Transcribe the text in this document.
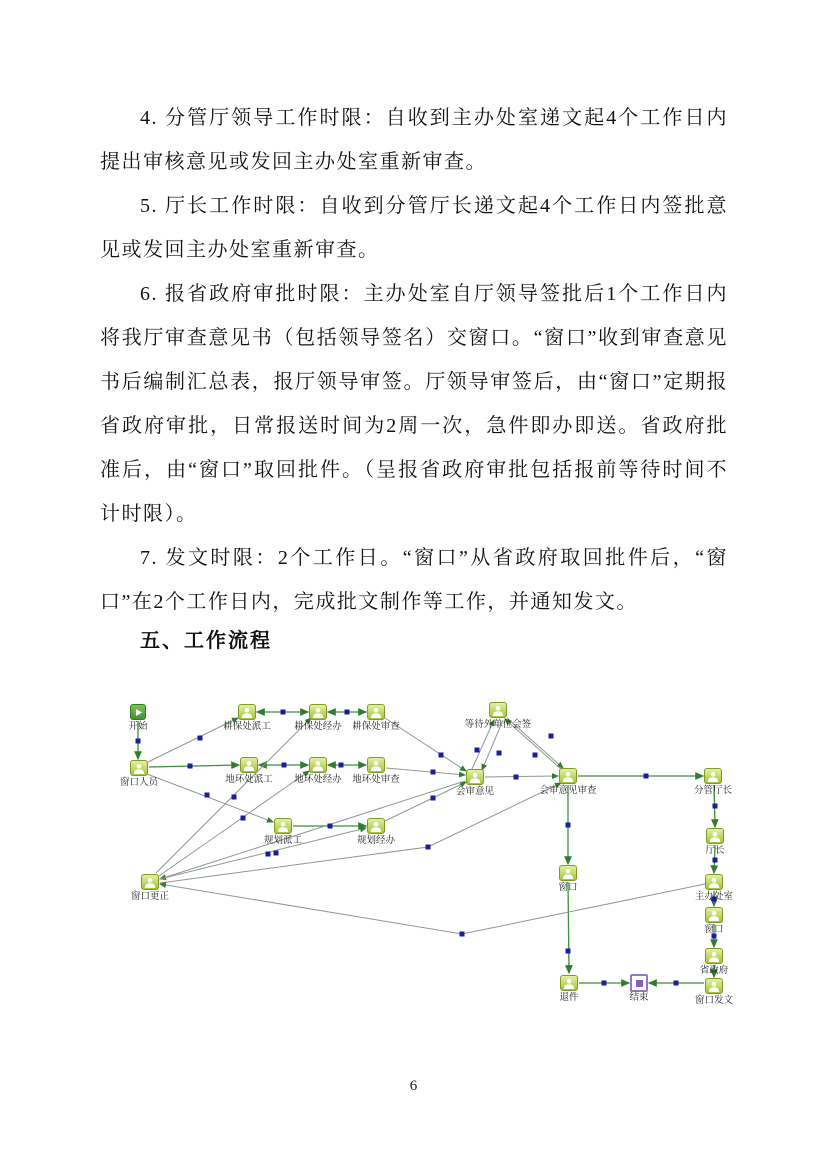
4. 分管厅领导工作时限：自收到主办处室递文起4个工作日内提出审核意见或发回主办处室重新审查。

5. 厅长工作时限：自收到分管厅长递文起4个工作日内签批意见或发回主办处室重新审查。

6. 报省政府审批时限：主办处室自厅领导签批后1个工作日内将我厅审查意见书（包括领导签名）交窗口。“窗口”收到审查意见书后编制汇总表，报厅领导审签。厅领导审签后，由“窗口”定期报省政府审批，日常报送时间为2周一次，急件即办即送。省政府批准后，由“窗口”取回批件。（呈报省政府审批包括报前等待时间不计时限）。

7. 发文时限：2个工作日。“窗口”从省政府取回批件后，“窗口”在2个工作日内，完成批文制作等工作，并通知发文。

五、工作流程
开始
窗口人员
耕保处派工	耕保处经办	耕保处审查	等待外单位会签
地环处派工	地环处经办	地环处审查
会审意见	会审意见审查	分管厅长
规划派工	规划经办
窗口更正
厅长
主办处室
窗口
省政府
窗口发文
窗口
退件	结束
6
